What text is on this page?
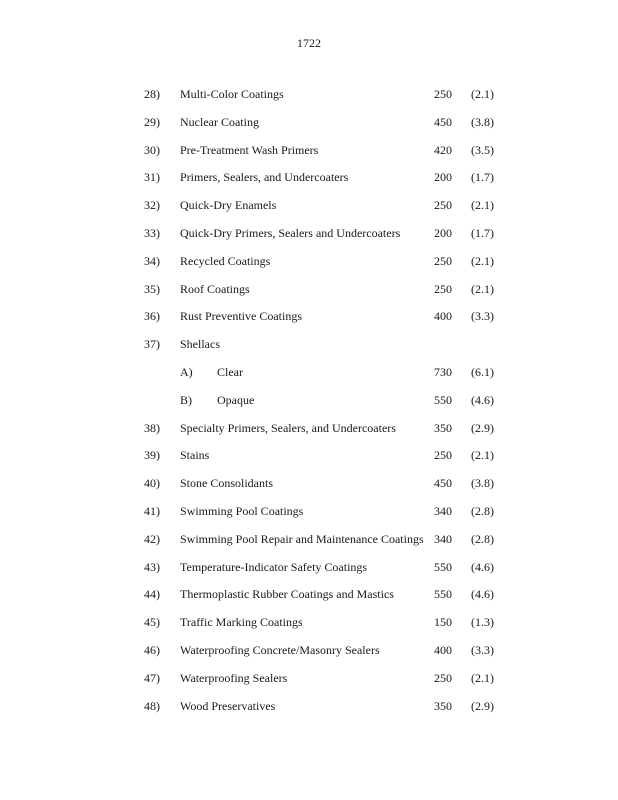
1722
28) Multi-Color Coatings	250	(2.1)
29) Nuclear Coating	450	(3.8)
30) Pre-Treatment Wash Primers	420	(3.5)
31) Primers, Sealers, and Undercoaters	200	(1.7)
32) Quick-Dry Enamels	250	(2.1)
33) Quick-Dry Primers, Sealers and Undercoaters	200	(1.7)
34) Recycled Coatings	250	(2.1)
35) Roof Coatings	250	(2.1)
36) Rust Preventive Coatings	400	(3.3)
37) Shellacs
A) Clear	730	(6.1)
B) Opaque	550	(4.6)
38) Specialty Primers, Sealers, and Undercoaters	350	(2.9)
39) Stains	250	(2.1)
40) Stone Consolidants	450	(3.8)
41) Swimming Pool Coatings	340	(2.8)
42) Swimming Pool Repair and Maintenance Coatings 340	(2.8)
43) Temperature-Indicator Safety Coatings	550	(4.6)
44) Thermoplastic Rubber Coatings and Mastics	550	(4.6)
45) Traffic Marking Coatings	150	(1.3)
46) Waterproofing Concrete/Masonry Sealers	400	(3.3)
47) Waterproofing Sealers	250	(2.1)
48) Wood Preservatives	350	(2.9)
